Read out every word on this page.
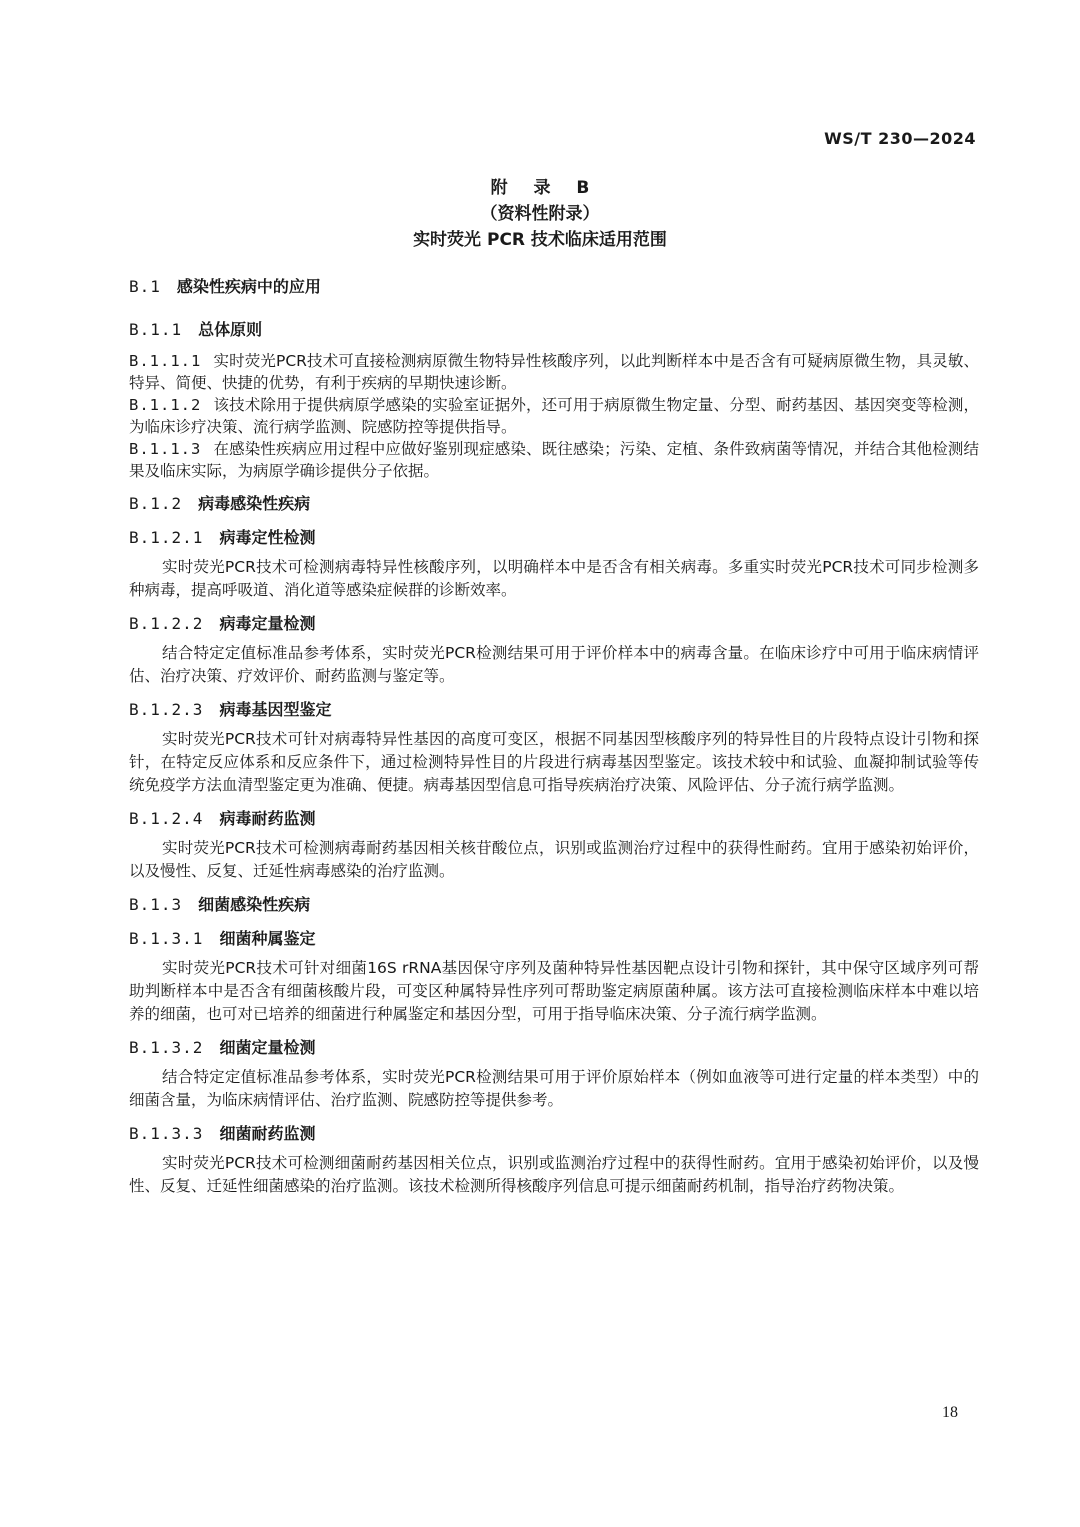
WS/T 230—2024
附 录 B
（资料性附录）
实时荧光 PCR 技术临床适用范围
B.1 感染性疾病中的应用
B.1.1 总体原则
B.1.1.1 实时荧光PCR技术可直接检测病原微生物特异性核酸序列，以此判断样本中是否含有可疑病原微生物，具灵敏、特异、简便、快捷的优势，有利于疾病的早期快速诊断。
B.1.1.2 该技术除用于提供病原学感染的实验室证据外，还可用于病原微生物定量、分型、耐药基因、基因突变等检测，为临床诊疗决策、流行病学监测、院感防控等提供指导。
B.1.1.3 在感染性疾病应用过程中应做好鉴别现症感染、既往感染；污染、定植、条件致病菌等情况，并结合其他检测结果及临床实际，为病原学确诊提供分子依据。
B.1.2 病毒感染性疾病
B.1.2.1 病毒定性检测
实时荧光PCR技术可检测病毒特异性核酸序列，以明确样本中是否含有相关病毒。多重实时荧光PCR技术可同步检测多种病毒，提高呼吸道、消化道等感染症候群的诊断效率。
B.1.2.2 病毒定量检测
结合特定定值标准品参考体系，实时荧光PCR检测结果可用于评价样本中的病毒含量。在临床诊疗中可用于临床病情评估、治疗决策、疗效评价、耐药监测与鉴定等。
B.1.2.3 病毒基因型鉴定
实时荧光PCR技术可针对病毒特异性基因的高度可变区，根据不同基因型核酸序列的特异性目的片段特点设计引物和探针，在特定反应体系和反应条件下，通过检测特异性目的片段进行病毒基因型鉴定。该技术较中和试验、血凝抑制试验等传统免疫学方法血清型鉴定更为准确、便捷。病毒基因型信息可指导疾病治疗决策、风险评估、分子流行病学监测。
B.1.2.4 病毒耐药监测
实时荧光PCR技术可检测病毒耐药基因相关核苷酸位点，识别或监测治疗过程中的获得性耐药。宜用于感染初始评价，以及慢性、反复、迁延性病毒感染的治疗监测。
B.1.3 细菌感染性疾病
B.1.3.1 细菌种属鉴定
实时荧光PCR技术可针对细菌16S rRNA基因保守序列及菌种特异性基因靶点设计引物和探针，其中保守区域序列可帮助判断样本中是否含有细菌核酸片段，可变区种属特异性序列可帮助鉴定病原菌种属。该方法可直接检测临床样本中难以培养的细菌，也可对已培养的细菌进行种属鉴定和基因分型，可用于指导临床决策、分子流行病学监测。
B.1.3.2 细菌定量检测
结合特定定值标准品参考体系，实时荧光PCR检测结果可用于评价原始样本（例如血液等可进行定量的样本类型）中的细菌含量，为临床病情评估、治疗监测、院感防控等提供参考。
B.1.3.3 细菌耐药监测
实时荧光PCR技术可检测细菌耐药基因相关位点，识别或监测治疗过程中的获得性耐药。宜用于感染初始评价，以及慢性、反复、迁延性细菌感染的治疗监测。该技术检测所得核酸序列信息可提示细菌耐药机制，指导治疗药物决策。
18
